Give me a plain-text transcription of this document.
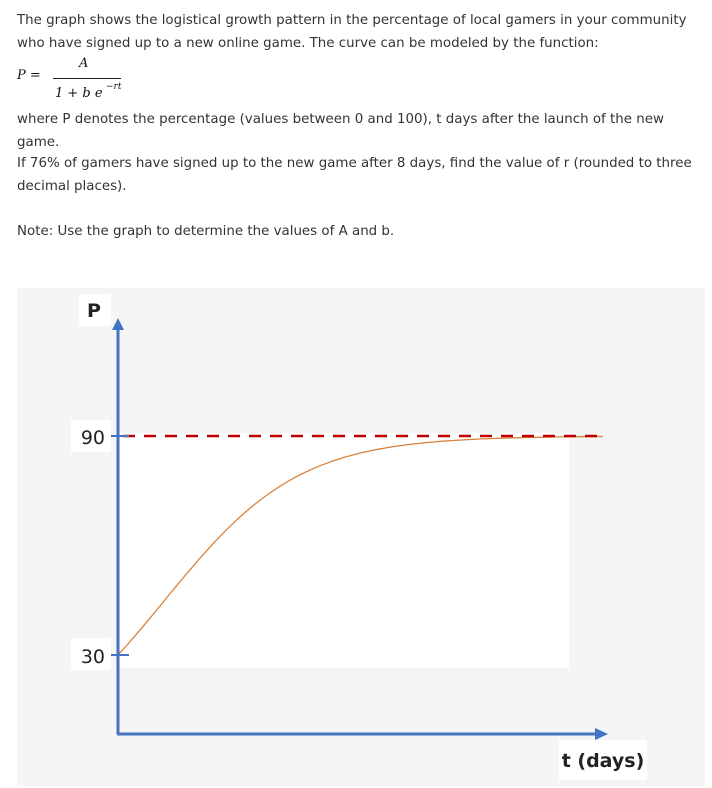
The graph shows the logistical growth pattern in the percentage of local gamers in your community who have signed up to a new online game. The curve can be modeled by the function:

P =
A
1 + b e −rt

where P denotes the percentage (values between 0 and 100), t days after the launch of the new game.

If 76% of gamers have signed up to the new game after 8 days, find the value of r (rounded to three decimal places).

Note: Use the graph to determine the values of A and b.

90
30
P
t (days)
